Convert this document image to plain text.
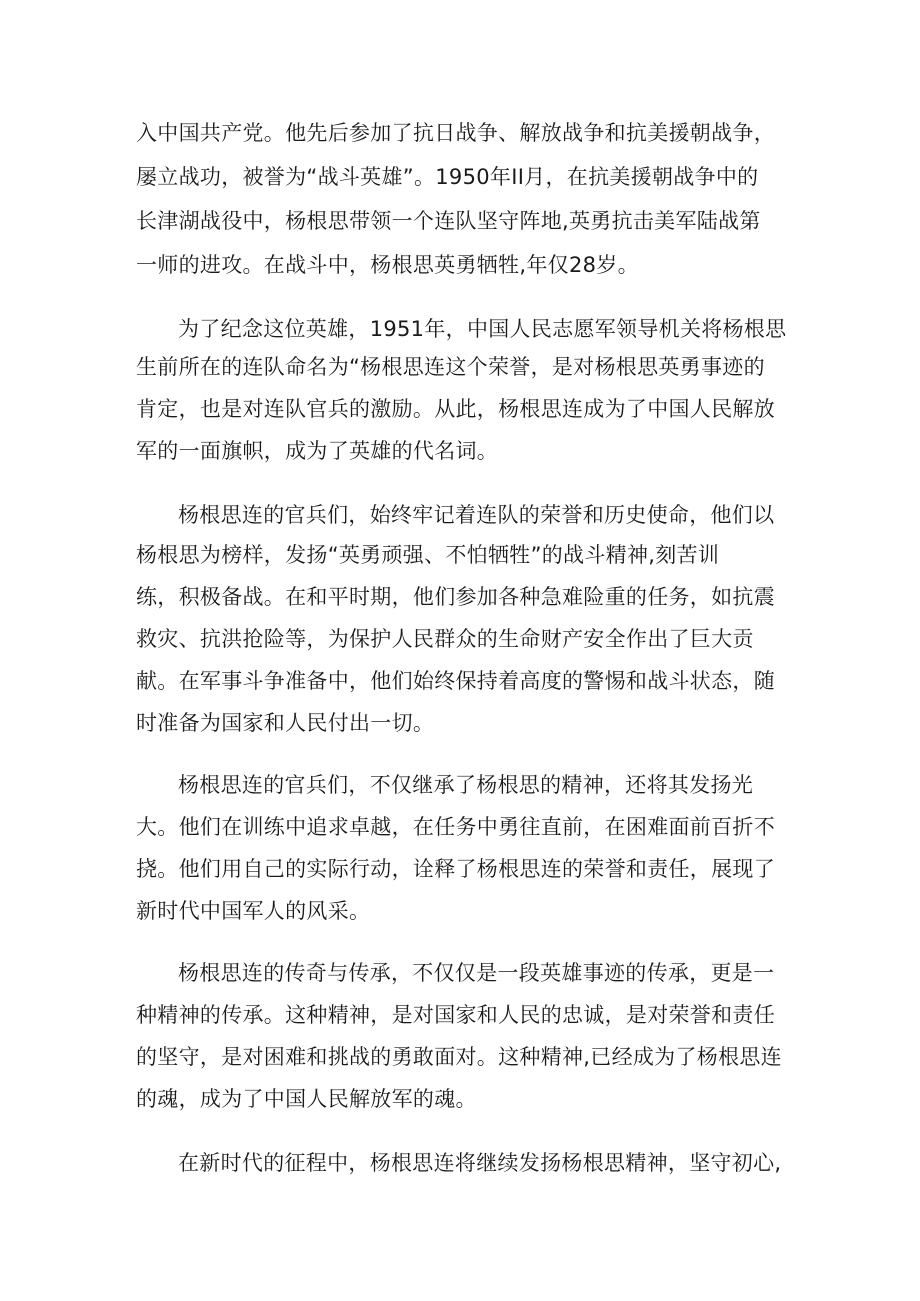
入中国共产党。他先后参加了抗日战争、解放战争和抗美援朝战争，
屡立战功，被誉为“战斗英雄”。1950年II月，在抗美援朝战争中的
长津湖战役中，杨根思带领一个连队坚守阵地,英勇抗击美军陆战第
一师的进攻。在战斗中，杨根思英勇牺牲,年仅28岁。
为了纪念这位英雄，1951年，中国人民志愿军领导机关将杨根思
生前所在的连队命名为“杨根思连这个荣誉，是对杨根思英勇事迹的
肯定，也是对连队官兵的激励。从此，杨根思连成为了中国人民解放
军的一面旗帜，成为了英雄的代名词。
杨根思连的官兵们，始终牢记着连队的荣誉和历史使命，他们以
杨根思为榜样，发扬“英勇顽强、不怕牺牲”的战斗精神,刻苦训
练，积极备战。在和平时期，他们参加各种急难险重的任务，如抗震
救灾、抗洪抢险等，为保护人民群众的生命财产安全作出了巨大贡
献。在军事斗争准备中，他们始终保持着高度的警惕和战斗状态，随
时准备为国家和人民付出一切。
杨根思连的官兵们，不仅继承了杨根思的精神，还将其发扬光
大。他们在训练中追求卓越，在任务中勇往直前，在困难面前百折不
挠。他们用自己的实际行动，诠释了杨根思连的荣誉和责任，展现了
新时代中国军人的风采。
杨根思连的传奇与传承，不仅仅是一段英雄事迹的传承，更是一
种精神的传承。这种精神，是对国家和人民的忠诚，是对荣誉和责任
的坚守，是对困难和挑战的勇敢面对。这种精神,已经成为了杨根思连
的魂，成为了中国人民解放军的魂。
在新时代的征程中，杨根思连将继续发扬杨根思精神，坚守初心,
